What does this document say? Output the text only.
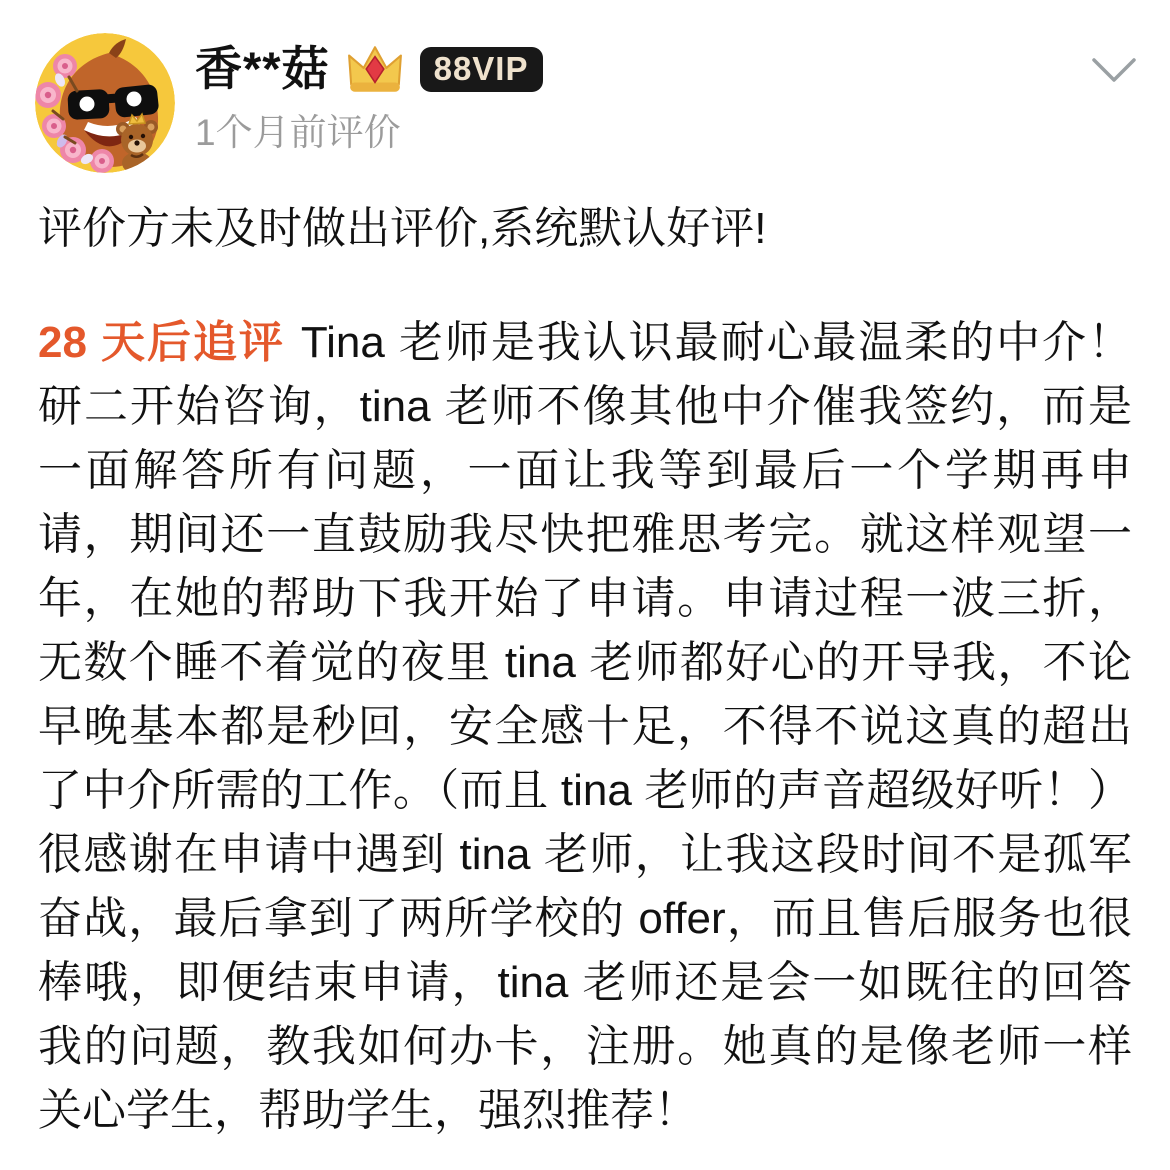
香**菇	88VIP
1个月前评价
评价方未及时做出评价,系统默认好评!

28 天后追评 Tina 老师是我认识最耐心最温柔的中介！研二开始咨询，tina 老师不像其他中介催我签约，而是一面解答所有问题，一面让我等到最后一个学期再申请，期间还一直鼓励我尽快把雅思考完。就这样观望一年，在她的帮助下我开始了申请。申请过程一波三折，无数个睡不着觉的夜里 tina 老师都好心的开导我，不论早晚基本都是秒回，安全感十足，不得不说这真的超出了中介所需的工作。（而且 tina 老师的声音超级好听！）很感谢在申请中遇到 tina 老师，让我这段时间不是孤军奋战，最后拿到了两所学校的 offer，而且售后服务也很棒哦，即便结束申请，tina 老师还是会一如既往的回答我的问题，教我如何办卡，注册。她真的是像老师一样关心学生，帮助学生，强烈推荐！
